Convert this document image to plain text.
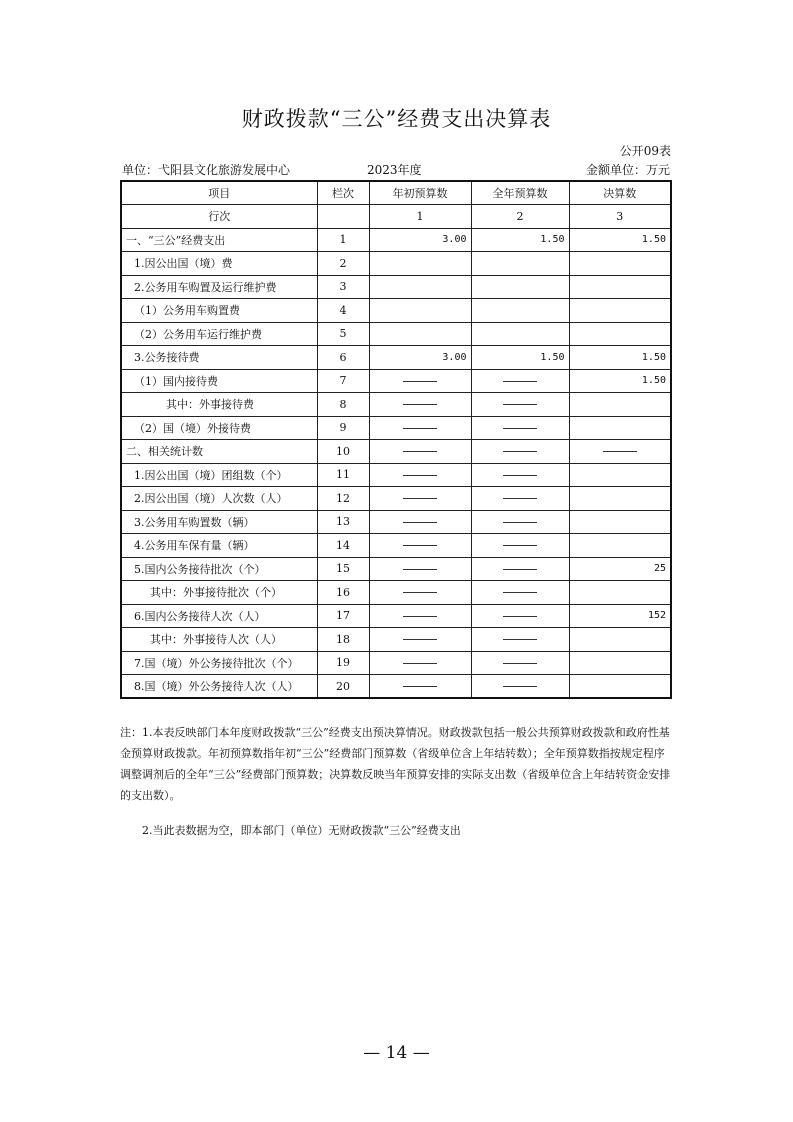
财政拨款“三公”经费支出决算表
公开09表
单位：弋阳县文化旅游发展中心	2023年度	金额单位：万元
项目	栏次	年初预算数	全年预算数	决算数
行次		1	2	3
一、“三公”经费支出	1	3.00	1.50	1.50
1.因公出国（境）费	2			
2.公务用车购置及运行维护费	3			
（1）公务用车购置费	4			
（2）公务用车运行维护费	5			
3.公务接待费	6	3.00	1.50	1.50
（1）国内接待费	7			1.50
其中：外事接待费	8			
（2）国（境）外接待费	9			
二、相关统计数	10			
1.因公出国（境）团组数（个）	11			
2.因公出国（境）人次数（人）	12			
3.公务用车购置数（辆）	13			
4.公务用车保有量（辆）	14			
5.国内公务接待批次（个）	15			25
其中：外事接待批次（个）	16			
6.国内公务接待人次（人）	17			152
其中：外事接待人次（人）	18			
7.国（境）外公务接待批次（个）	19			
8.国（境）外公务接待人次（人）	20			

注：1.本表反映部门本年度财政拨款“三公”经费支出预决算情况。财政拨款包括一般公共预算财政拨款和政府性基金预算财政拨款。年初预算数指年初“三公”经费部门预算数（省级单位含上年结转数）；全年预算数指按规定程序调整调剂后的全年“三公”经费部门预算数；决算数反映当年预算安排的实际支出数（省级单位含上年结转资金安排的支出数）。

2.当此表数据为空，即本部门（单位）无财政拨款“三公”经费支出

— 14 —
